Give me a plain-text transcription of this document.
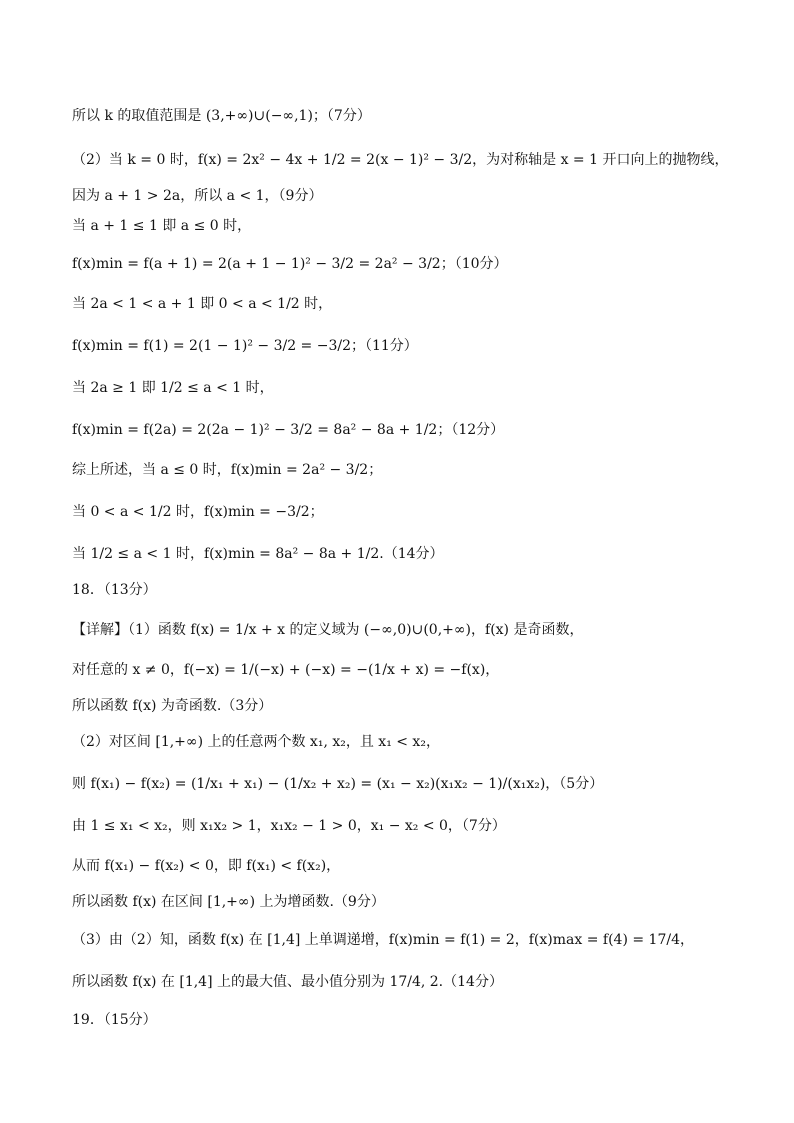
所以 k 的取值范围是 (3,+∞)∪(−∞,1)；（7分）
（2）当 k = 0 时，f(x) = 2x² − 4x + 1/2 = 2(x − 1)² − 3/2，为对称轴是 x = 1 开口向上的抛物线，
因为 a + 1 > 2a，所以 a < 1，（9分）
当 a + 1 ≤ 1 即 a ≤ 0 时，
f(x)min = f(a + 1) = 2(a + 1 − 1)² − 3/2 = 2a² − 3/2；（10分）
当 2a < 1 < a + 1 即 0 < a < 1/2 时，
f(x)min = f(1) = 2(1 − 1)² − 3/2 = −3/2；（11分）
当 2a ≥ 1 即 1/2 ≤ a < 1 时，
f(x)min = f(2a) = 2(2a − 1)² − 3/2 = 8a² − 8a + 1/2；（12分）
综上所述，当 a ≤ 0 时，f(x)min = 2a² − 3/2；
当 0 < a < 1/2 时，f(x)min = −3/2；
当 1/2 ≤ a < 1 时，f(x)min = 8a² − 8a + 1/2.（14分）
18．（13分）
【详解】（1）函数 f(x) = 1/x + x 的定义域为 (−∞,0)∪(0,+∞)，f(x) 是奇函数，
对任意的 x ≠ 0，f(−x) = 1/(−x) + (−x) = −(1/x + x) = −f(x)，
所以函数 f(x) 为奇函数.（3分）
（2）对区间 [1,+∞) 上的任意两个数 x₁, x₂，且 x₁ < x₂，
则 f(x₁) − f(x₂) = (1/x₁ + x₁) − (1/x₂ + x₂) = (x₁ − x₂)(x₁x₂ − 1)/(x₁x₂)，（5分）
由 1 ≤ x₁ < x₂，则 x₁x₂ > 1，x₁x₂ − 1 > 0，x₁ − x₂ < 0，（7分）
从而 f(x₁) − f(x₂) < 0，即 f(x₁) < f(x₂)，
所以函数 f(x) 在区间 [1,+∞) 上为增函数.（9分）
（3）由（2）知，函数 f(x) 在 [1,4] 上单调递增，f(x)min = f(1) = 2，f(x)max = f(4) = 17/4，
所以函数 f(x) 在 [1,4] 上的最大值、最小值分别为 17/4, 2.（14分）
19．（15分）
